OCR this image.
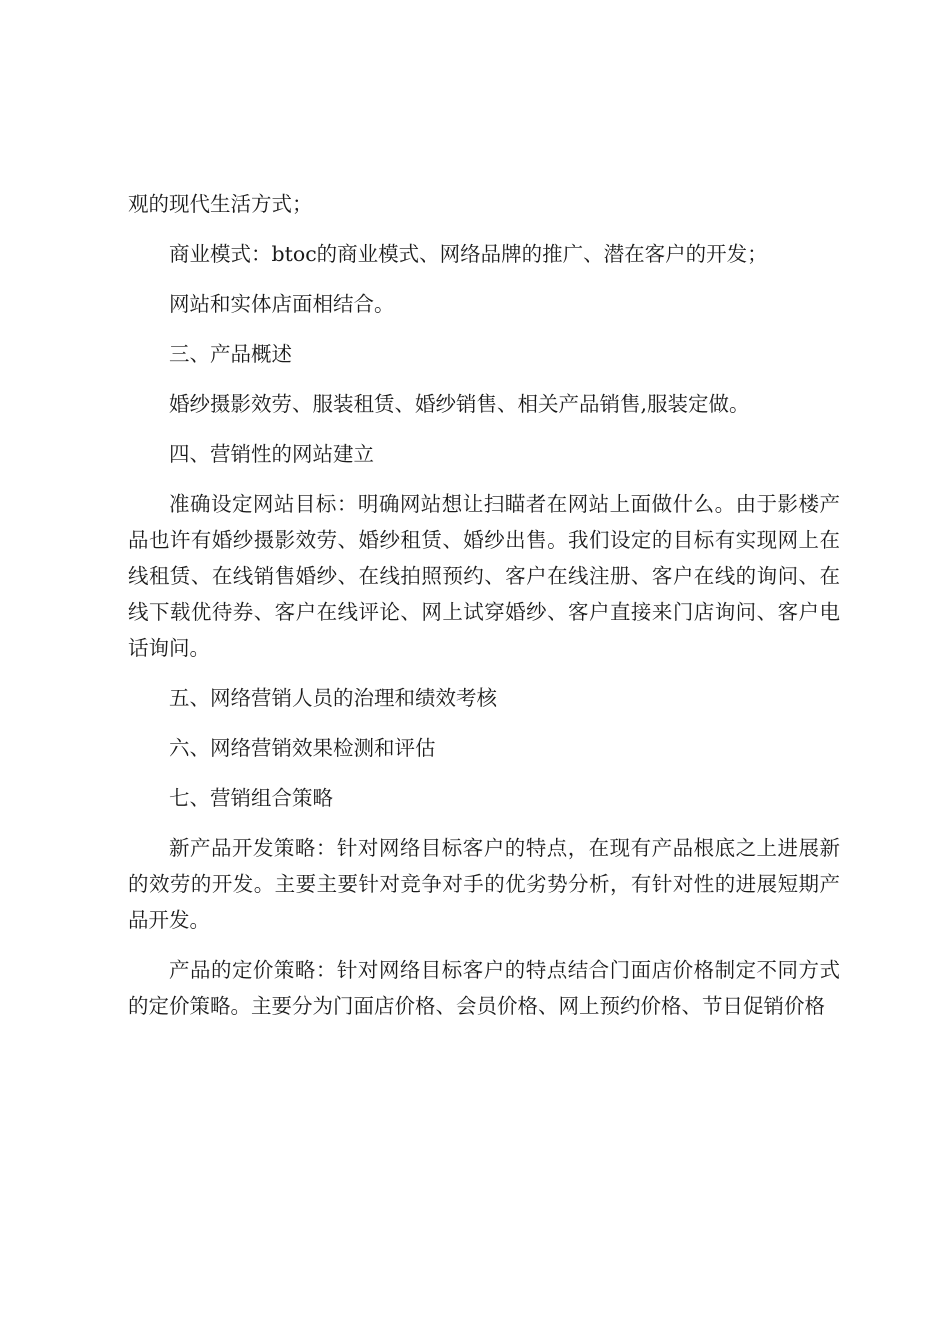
观的现代生活方式；

商业模式：btoc的商业模式、网络品牌的推广、潜在客户的开发；

网站和实体店面相结合。

三、产品概述

婚纱摄影效劳、服装租赁、婚纱销售、相关产品销售,服装定做。

四、营销性的网站建立

准确设定网站目标：明确网站想让扫瞄者在网站上面做什么。由于影楼产品也许有婚纱摄影效劳、婚纱租赁、婚纱出售。我们设定的目标有实现网上在线租赁、在线销售婚纱、在线拍照预约、客户在线注册、客户在线的询问、在线下载优待券、客户在线评论、网上试穿婚纱、客户直接来门店询问、客户电话询问。

五、网络营销人员的治理和绩效考核

六、网络营销效果检测和评估

七、营销组合策略

新产品开发策略：针对网络目标客户的特点，在现有产品根底之上进展新的效劳的开发。主要主要针对竞争对手的优劣势分析，有针对性的进展短期产品开发。

产品的定价策略：针对网络目标客户的特点结合门面店价格制定不同方式的定价策略。主要分为门面店价格、会员价格、网上预约价格、节日促销价格
